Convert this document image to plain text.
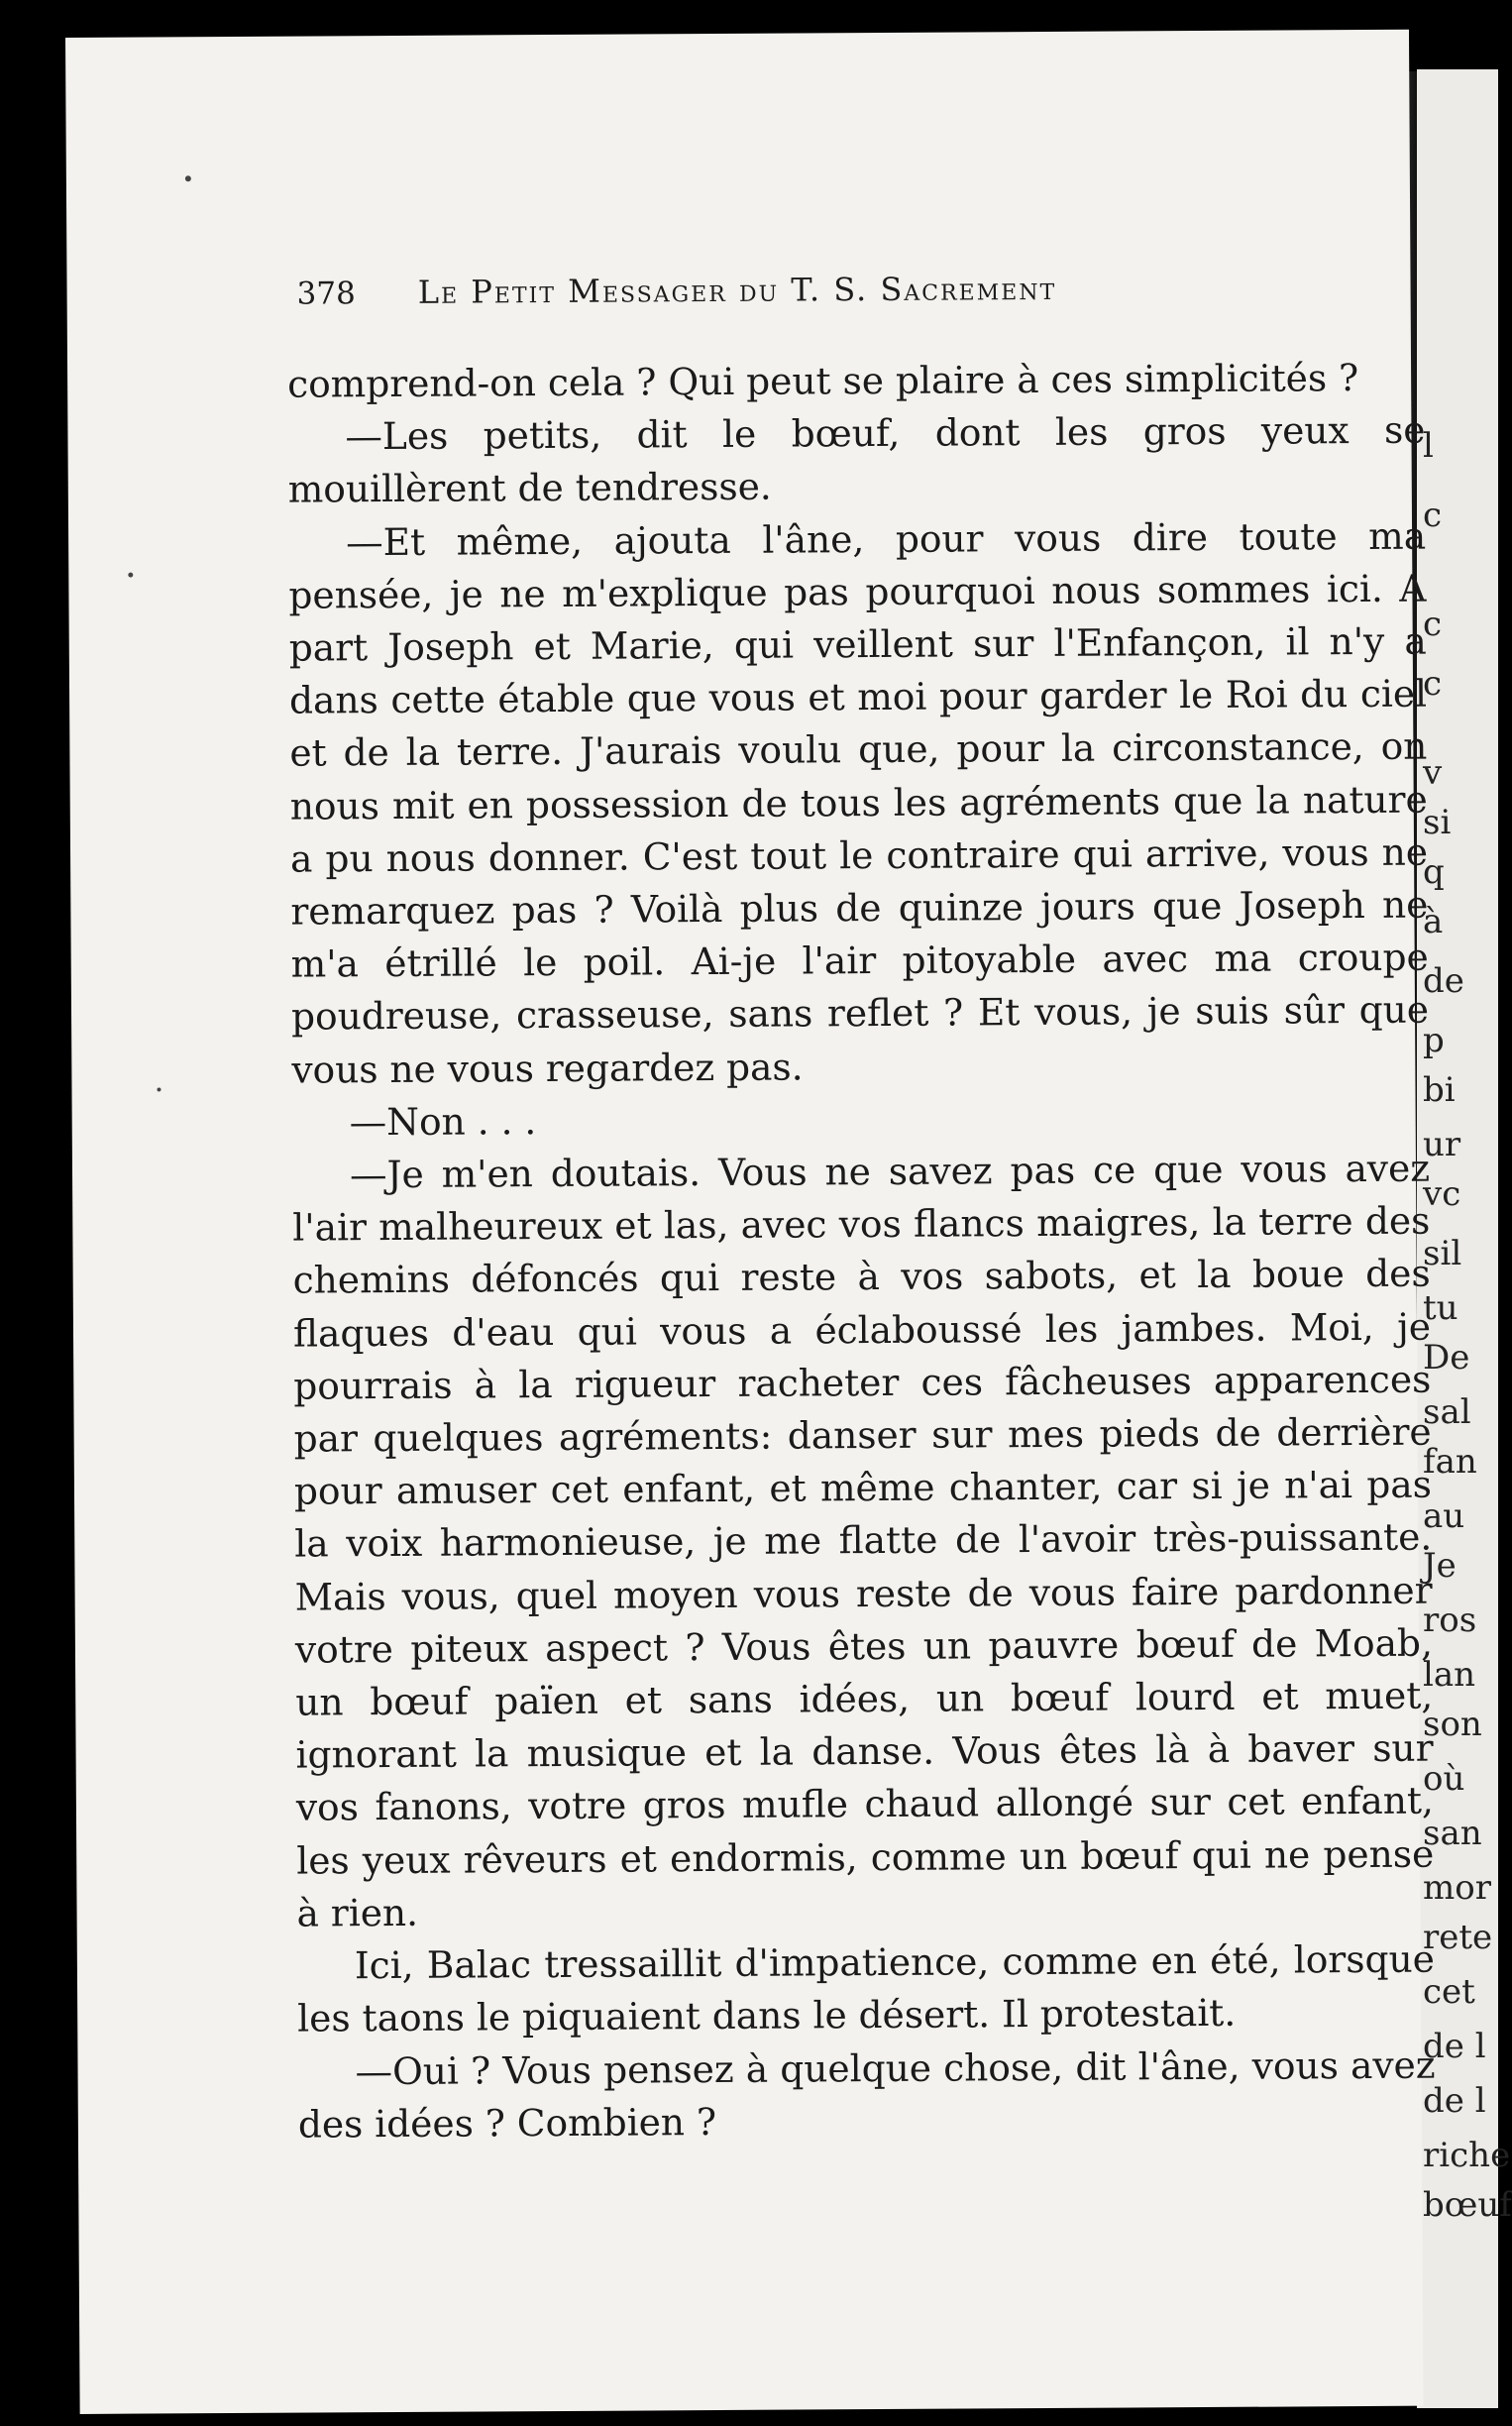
l
c
c
c
v
si
q
à
de
p
bi
ur
vc
sil
tu
De
sal
fan
au
Je
ros
lan
son
où
san
mor
rete
cet
de l
de l
riche
bœuf
378 Le Petit Messager du T. S. Sacrement

comprend-on cela ? Qui peut se plaire à ces simplicités ?

—Les petits, dit le bœuf, dont les gros yeux se mouillèrent de tendresse.

—Et même, ajouta l'âne, pour vous dire toute ma pensée, je ne m'explique pas pourquoi nous sommes ici. A part Joseph et Marie, qui veillent sur l'Enfançon, il n'y a dans cette étable que vous et moi pour garder le Roi du ciel et de la terre. J'aurais voulu que, pour la circonstance, on nous mit en possession de tous les agréments que la nature a pu nous donner. C'est tout le contraire qui arrive, vous ne remarquez pas ? Voilà plus de quinze jours que Joseph ne m'a étrillé le poil. Ai-je l'air pitoyable avec ma croupe poudreuse, crasseuse, sans reflet ? Et vous, je suis sûr que vous ne vous regardez pas.

—Non . . .

—Je m'en doutais. Vous ne savez pas ce que vous avez l'air malheureux et las, avec vos flancs maigres, la terre des chemins défoncés qui reste à vos sabots, et la boue des flaques d'eau qui vous a éclaboussé les jambes. Moi, je pourrais à la rigueur racheter ces fâcheuses apparences par quelques agréments: danser sur mes pieds de derrière pour amuser cet enfant, et même chanter, car si je n'ai pas la voix harmonieuse, je me flatte de l'avoir très-puissante. Mais vous, quel moyen vous reste de vous faire pardonner votre piteux aspect ? Vous êtes un pauvre bœuf de Moab, un bœuf païen et sans idées, un bœuf lourd et muet, ignorant la musique et la danse. Vous êtes là à baver sur vos fanons, votre gros mufle chaud allongé sur cet enfant, les yeux rêveurs et endormis, comme un bœuf qui ne pense à rien.

Ici, Balac tressaillit d'impatience, comme en été, lorsque les taons le piquaient dans le désert. Il protestait.

—Oui ? Vous pensez à quelque chose, dit l'âne, vous avez des idées ? Combien ?
